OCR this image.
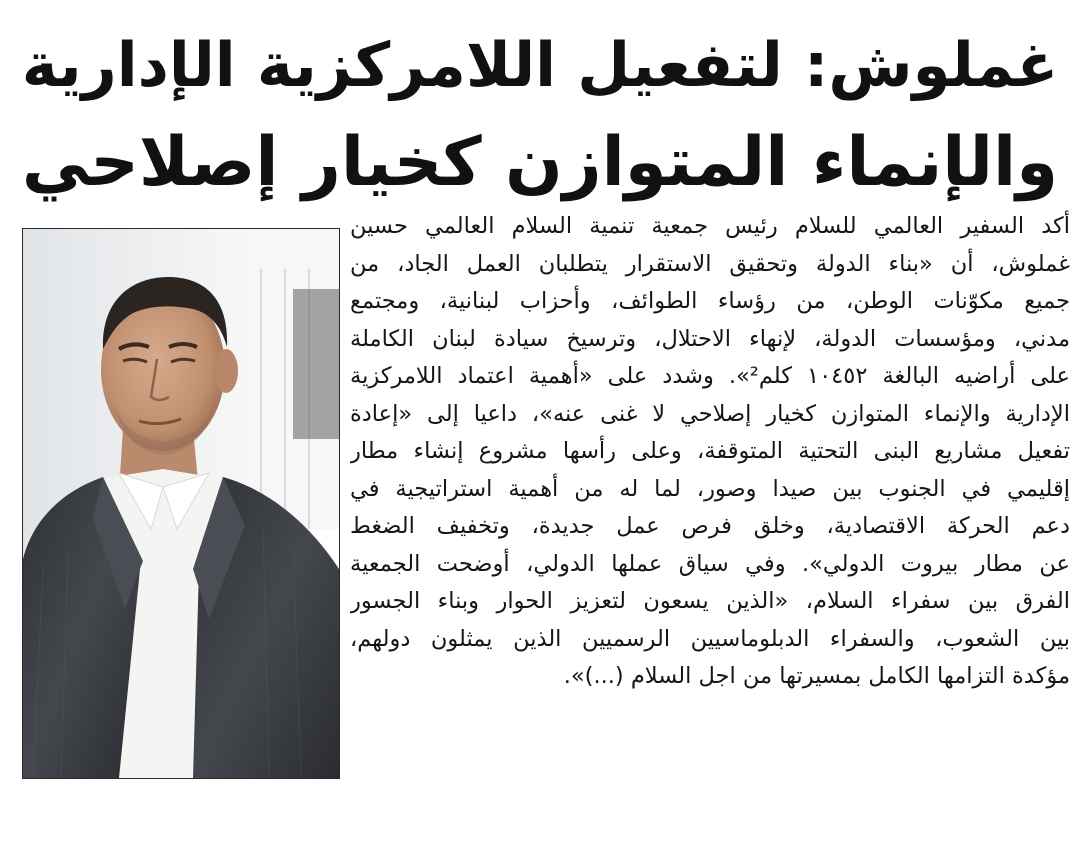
غملوش: لتفعيل اللامركزية الإدارية
والإنماء المتوازن كخيار إصلاحي
أكد السفير العالمي للسلام رئيس جمعية تنمية السلام العالمي حسين
غملوش، أن «بناء الدولة وتحقيق الاستقرار يتطلبان العمل الجاد، من
جميع مكوّنات الوطن، من رؤساء الطوائف، وأحزاب لبنانية، ومجتمع
مدني، ومؤسسات الدولة، لإنهاء الاحتلال، وترسيخ سيادة لبنان الكاملة
على أراضيه البالغة ١٠٤٥٢ كلم²». وشدد على «أهمية اعتماد اللامركزية
الإدارية والإنماء المتوازن كخيار إصلاحي لا غنى عنه»، داعيا إلى «إعادة
تفعيل مشاريع البنى التحتية المتوقفة، وعلى رأسها مشروع إنشاء مطار
إقليمي في الجنوب بين صيدا وصور، لما له من أهمية استراتيجية في
دعم الحركة الاقتصادية، وخلق فرص عمل جديدة، وتخفيف الضغط
عن مطار بيروت الدولي». وفي سياق عملها الدولي، أوضحت الجمعية
الفرق بين سفراء السلام، «الذين يسعون لتعزيز الحوار وبناء الجسور
بين الشعوب، والسفراء الدبلوماسيين الرسميين الذين يمثلون دولهم،
مؤكدة التزامها الكامل بمسيرتها من اجل السلام (...)».
